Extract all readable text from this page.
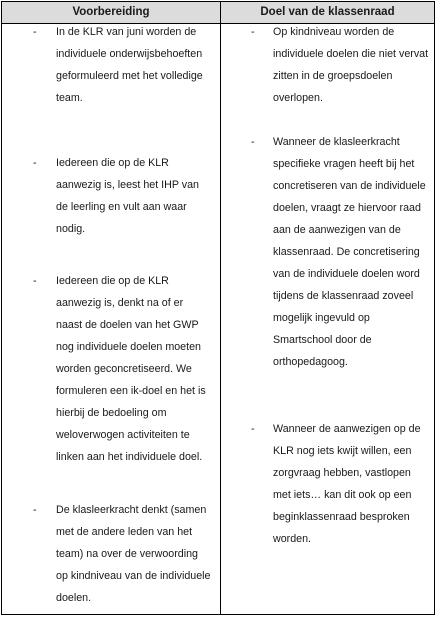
Voorbereiding	Doel van de klassenraad
- In de KLR van juni worden de individuele onderwijsbehoeften geformuleerd met het volledige team.
- Iedereen die op de KLR aanwezig is, leest het IHP van de leerling en vult aan waar nodig.
- Iedereen die op de KLR aanwezig is, denkt na of er naast de doelen van het GWP nog individuele doelen moeten worden geconcretiseerd. We formuleren een ik-doel en het is hierbij de bedoeling om weloverwogen activiteiten te linken aan het individuele doel.
- De klasleerkracht denkt (samen met de andere leden van het team) na over de verwoording op kindniveau van de individuele doelen.
- Op kindniveau worden de individuele doelen die niet vervat zitten in de groepsdoelen overlopen.
- Wanneer de klasleerkracht specifieke vragen heeft bij het concretiseren van de individuele doelen, vraagt ze hiervoor raad aan de aanwezigen van de klassenraad. De concretisering van de individuele doelen word tijdens de klassenraad zoveel mogelijk ingevuld op Smartschool door de orthopedagoog.
- Wanneer de aanwezigen op de KLR nog iets kwijt willen, een zorgvraag hebben, vastlopen met iets… kan dit ook op een beginklassenraad besproken worden.
